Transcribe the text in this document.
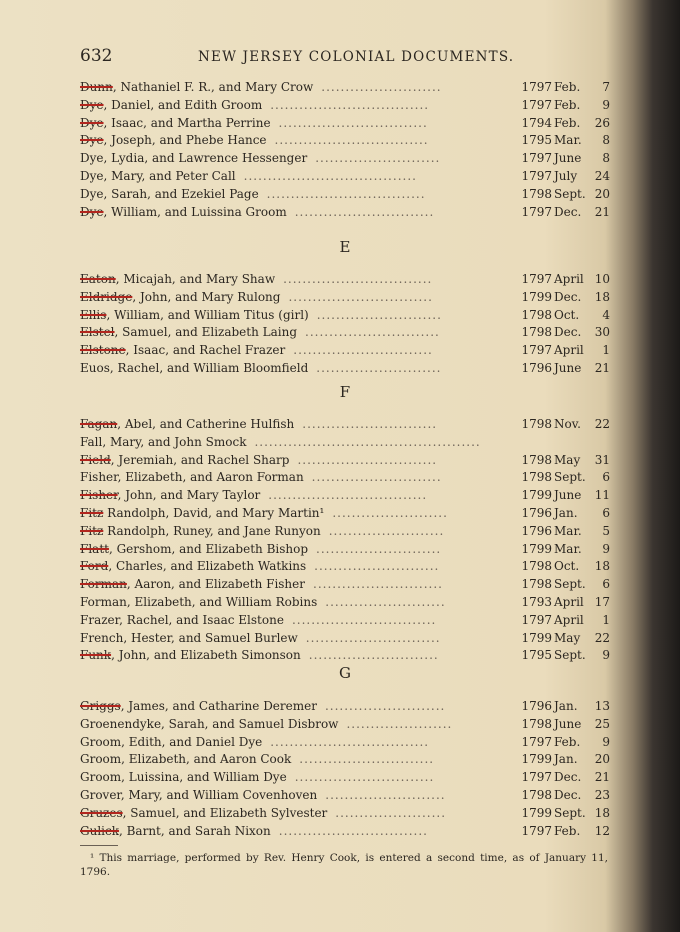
632	NEW JERSEY COLONIAL DOCUMENTS.
¹ This marriage, performed by Rev. Henry Cook, is entered a second time, as of January 11, 1796.
Dunn, Nathaniel F. R., and Mary Crow .........................	1797 Feb.	7
Dye, Daniel, and Edith Groom .................................	1797 Feb.	9
Dye, Isaac, and Martha Perrine ...............................	1794 Feb.	26
Dye, Joseph, and Phebe Hance ................................	1795 Mar.	8
Dye, Lydia, and Lawrence Hessenger ..........................	1797 June	8
Dye, Mary, and Peter Call ....................................	1797 July	24
Dye, Sarah, and Ezekiel Page .................................	1798 Sept. 20
Dye, William, and Luissina Groom .............................	1797 Dec.	21
E
Eaton, Micajah, and Mary Shaw ...............................	1797 April 10
Eldridge, John, and Mary Rulong ..............................	1799 Dec.	18
Ellis, William, and William Titus (girl) ..........................	1798 Oct.	4
Elstel, Samuel, and Elizabeth Laing ............................	1798 Dec.	30
Elstone, Isaac, and Rachel Frazer .............................	1797 April	1
Euos, Rachel, and William Bloomfield ..........................	1796 June	21
F
Fagan, Abel, and Catherine Hulfish ............................	1798 Nov.	22
Fall, Mary, and John Smock ...............................................
Field, Jeremiah, and Rachel Sharp .............................	1798 May	31
Fisher, Elizabeth, and Aaron Forman ...........................	1798 Sept.	6
Fisher, John, and Mary Taylor .................................	1799 June	11
Fitz Randolph, David, and Mary Martin¹ ........................	1796 Jan.	6
Fitz Randolph, Runey, and Jane Runyon ........................	1796 Mar.	5
Flatt, Gershom, and Elizabeth Bishop ..........................	1799 Mar.	9
Ford, Charles, and Elizabeth Watkins ..........................	1798 Oct.	18
Forman, Aaron, and Elizabeth Fisher ...........................	1798 Sept.	6
Forman, Elizabeth, and William Robins .........................	1793 April 17
Frazer, Rachel, and Isaac Elstone ..............................	1797 April	1
French, Hester, and Samuel Burlew ............................	1799 May	22
Funk, John, and Elizabeth Simonson ...........................	1795 Sept.	9
G
Griggs, James, and Catharine Deremer .........................	1796 Jan.	13
Groenendyke, Sarah, and Samuel Disbrow ......................	1798 June	25
Groom, Edith, and Daniel Dye .................................	1797 Feb.	9
Groom, Elizabeth, and Aaron Cook ............................	1799 Jan.	20
Groom, Luissina, and William Dye .............................	1797 Dec.	21
Grover, Mary, and William Covenhoven .........................	1798 Dec.	23
Gruzes, Samuel, and Elizabeth Sylvester .......................	1799 Sept. 18
Gulick, Barnt, and Sarah Nixon ...............................	1797 Feb.	12
